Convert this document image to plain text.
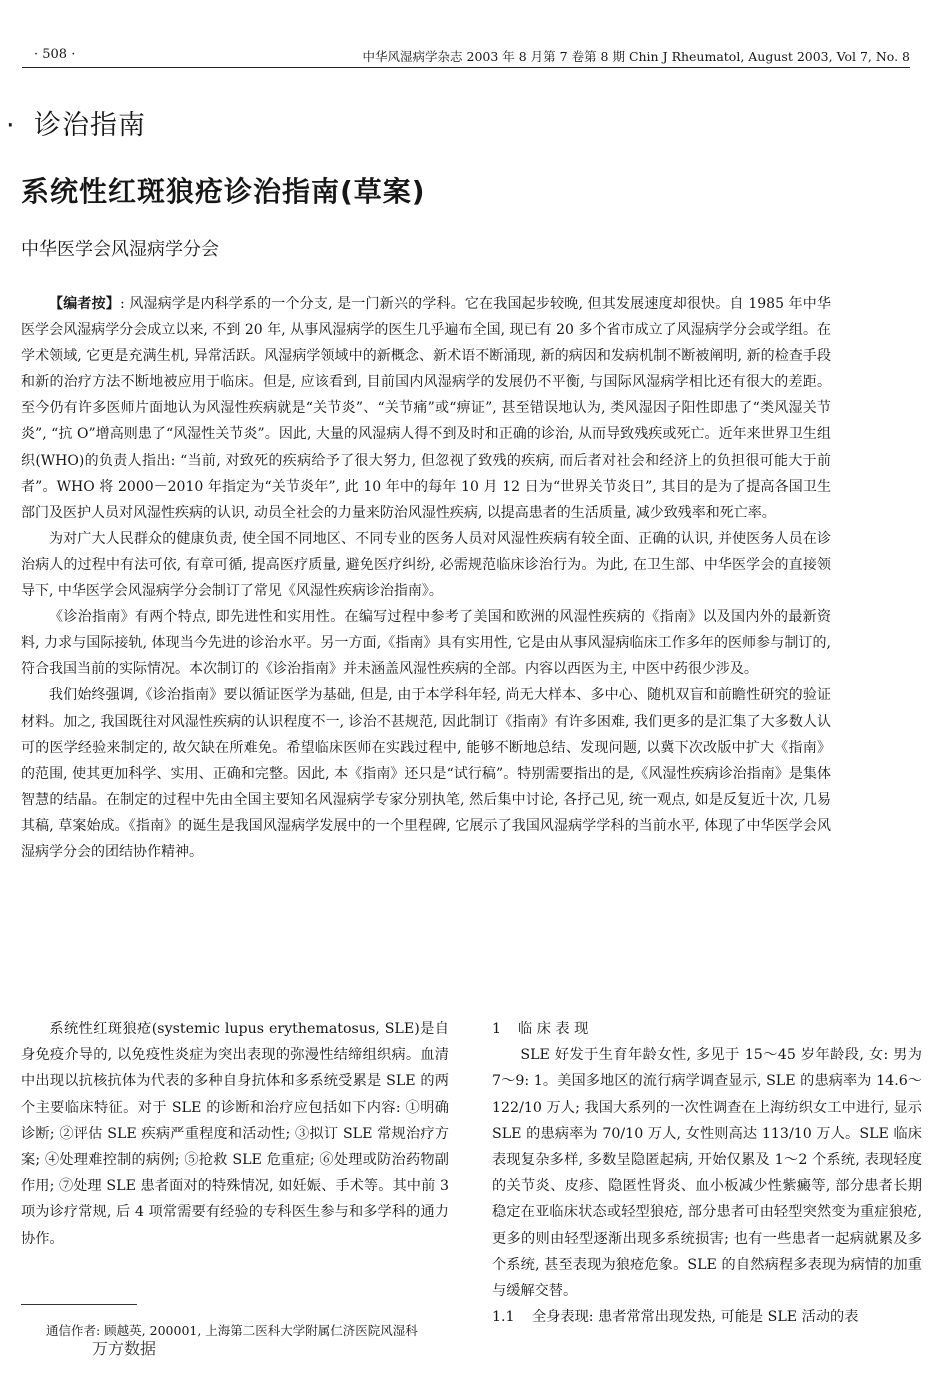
· 508 ·	中华风湿病学杂志 2003 年 8 月第 7 卷第 8 期 Chin J Rheumatol, August 2003, Vol 7, No. 8
· 诊治指南
系统性红斑狼疮诊治指南(草案)
中华医学会风湿病学分会

【编者按】: 风湿病学是内科学系的一个分支, 是一门新兴的学科。它在我国起步较晚, 但其发展速度却很快。自 1985 年中华医学会风湿病学分会成立以来, 不到 20 年, 从事风湿病学的医生几乎遍布全国, 现已有 20 多个省市成立了风湿病学分会或学组。在学术领域, 它更是充满生机, 异常活跃。风湿病学领域中的新概念、新术语不断涌现, 新的病因和发病机制不断被阐明, 新的检查手段和新的治疗方法不断地被应用于临床。但是, 应该看到, 目前国内风湿病学的发展仍不平衡, 与国际风湿病学相比还有很大的差距。至今仍有许多医师片面地认为风湿性疾病就是“关节炎”、“关节痛”或“痹证”, 甚至错误地认为, 类风湿因子阳性即患了“类风湿关节炎”, “抗 O”增高则患了“风湿性关节炎”。因此, 大量的风湿病人得不到及时和正确的诊治, 从而导致残疾或死亡。近年来世界卫生组织(WHO)的负责人指出: “当前, 对致死的疾病给予了很大努力, 但忽视了致残的疾病, 而后者对社会和经济上的负担很可能大于前者”。WHO 将 2000－2010 年指定为“关节炎年”, 此 10 年中的每年 10 月 12 日为“世界关节炎日”, 其目的是为了提高各国卫生部门及医护人员对风湿性疾病的认识, 动员全社会的力量来防治风湿性疾病, 以提高患者的生活质量, 减少致残率和死亡率。

为对广大人民群众的健康负责, 使全国不同地区、不同专业的医务人员对风湿性疾病有较全面、正确的认识, 并使医务人员在诊治病人的过程中有法可依, 有章可循, 提高医疗质量, 避免医疗纠纷, 必需规范临床诊治行为。为此, 在卫生部、中华医学会的直接领导下, 中华医学会风湿病学分会制订了常见《风湿性疾病诊治指南》。

《诊治指南》有两个特点, 即先进性和实用性。在编写过程中参考了美国和欧洲的风湿性疾病的《指南》以及国内外的最新资料, 力求与国际接轨, 体现当今先进的诊治水平。另一方面,《指南》具有实用性, 它是由从事风湿病临床工作多年的医师参与制订的, 符合我国当前的实际情况。本次制订的《诊治指南》并未涵盖风湿性疾病的全部。内容以西医为主, 中医中药很少涉及。

我们始终强调,《诊治指南》要以循证医学为基础, 但是, 由于本学科年轻, 尚无大样本、多中心、随机双盲和前瞻性研究的验证材料。加之, 我国既往对风湿性疾病的认识程度不一, 诊治不甚规范, 因此制订《指南》有许多困难, 我们更多的是汇集了大多数人认可的医学经验来制定的, 故欠缺在所难免。希望临床医师在实践过程中, 能够不断地总结、发现问题, 以冀下次改版中扩大《指南》的范围, 使其更加科学、实用、正确和完整。因此, 本《指南》还只是“试行稿”。特别需要指出的是,《风湿性疾病诊治指南》是集体智慧的结晶。在制定的过程中先由全国主要知名风湿病学专家分别执笔, 然后集中讨论, 各抒己见, 统一观点, 如是反复近十次, 几易其稿, 草案始成。《指南》的诞生是我国风湿病学发展中的一个里程碑, 它展示了我国风湿病学学科的当前水平, 体现了中华医学会风湿病学分会的团结协作精神。

系统性红斑狼疮(systemic lupus erythematosus, SLE)是自身免疫介导的, 以免疫性炎症为突出表现的弥漫性结缔组织病。血清中出现以抗核抗体为代表的多种自身抗体和多系统受累是 SLE 的两个主要临床特征。对于 SLE 的诊断和治疗应包括如下内容: ①明确诊断; ②评估 SLE 疾病严重程度和活动性; ③拟订 SLE 常规治疗方案; ④处理难控制的病例; ⑤抢救 SLE 危重症; ⑥处理或防治药物副作用; ⑦处理 SLE 患者面对的特殊情况, 如妊娠、手术等。其中前 3 项为诊疗常规, 后 4 项常需要有经验的专科医生参与和多学科的通力协作。

通信作者: 顾越英, 200001, 上海第二医科大学附属仁济医院风湿科

万方数据

1 临 床 表 现

SLE 好发于生育年龄女性, 多见于 15～45 岁年龄段, 女: 男为 7～9: 1。美国多地区的流行病学调查显示, SLE 的患病率为 14.6～122/10 万人; 我国大系列的一次性调查在上海纺织女工中进行, 显示 SLE 的患病率为 70/10 万人, 女性则高达 113/10 万人。SLE 临床表现复杂多样, 多数呈隐匿起病, 开始仅累及 1～2 个系统, 表现轻度的关节炎、皮疹、隐匿性肾炎、血小板减少性紫癜等, 部分患者长期稳定在亚临床状态或轻型狼疮, 部分患者可由轻型突然变为重症狼疮, 更多的则由轻型逐渐出现多系统损害; 也有一些患者一起病就累及多个系统, 甚至表现为狼疮危象。SLE 的自然病程多表现为病情的加重与缓解交替。

1.1 全身表现: 患者常常出现发热, 可能是 SLE 活动的表
